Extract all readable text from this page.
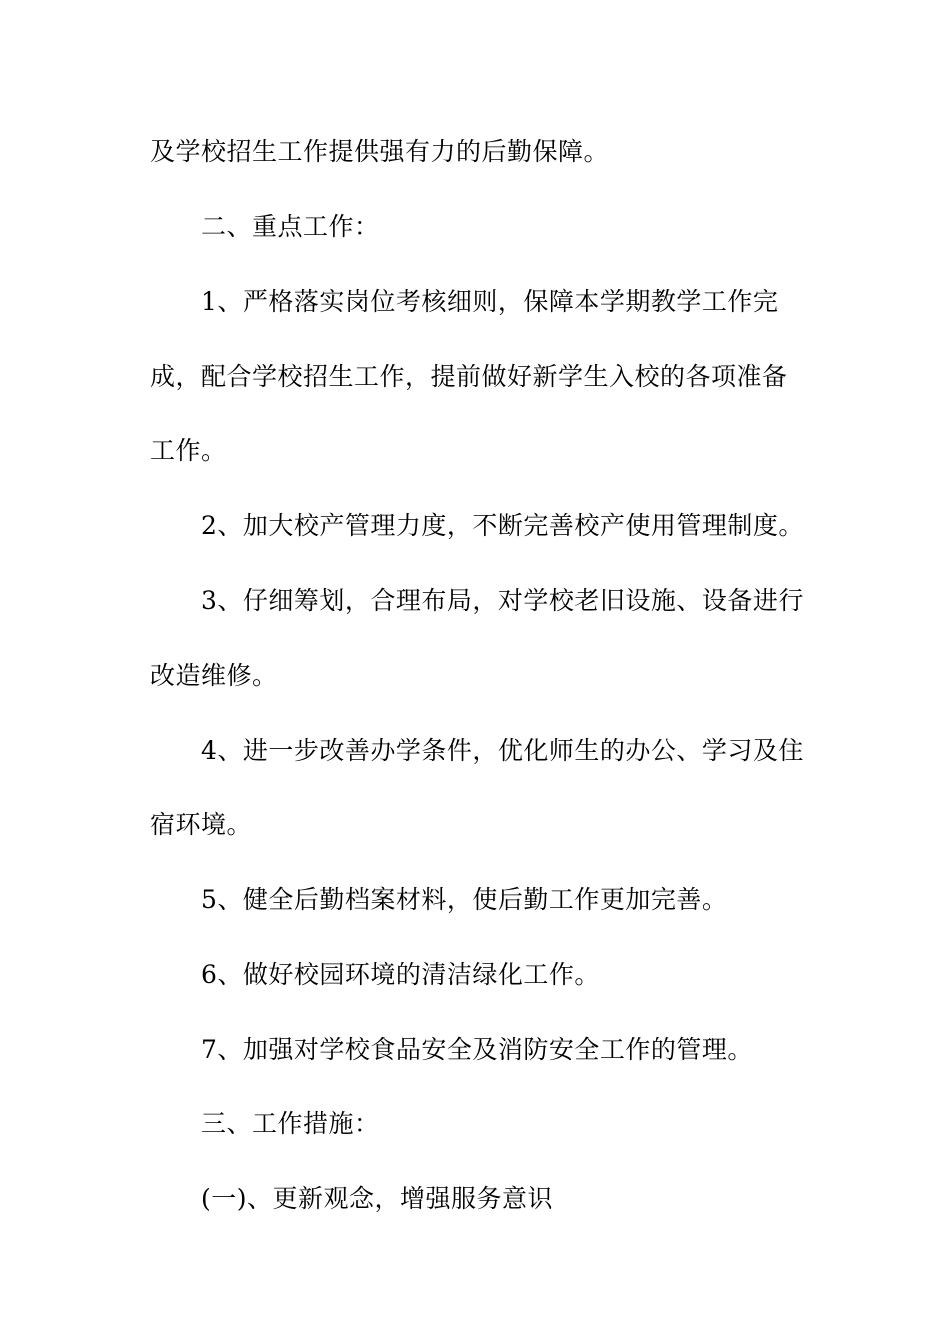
及学校招生工作提供强有力的后勤保障。
二、重点工作：
1、严格落实岗位考核细则，保障本学期教学工作完
成，配合学校招生工作，提前做好新学生入校的各项准备
工作。
2、加大校产管理力度，不断完善校产使用管理制度。
3、仔细筹划，合理布局，对学校老旧设施、设备进行
改造维修。
4、进一步改善办学条件，优化师生的办公、学习及住
宿环境。
5、健全后勤档案材料，使后勤工作更加完善。
6、做好校园环境的清洁绿化工作。
7、加强对学校食品安全及消防安全工作的管理。
三、工作措施：
(一)、更新观念，增强服务意识
